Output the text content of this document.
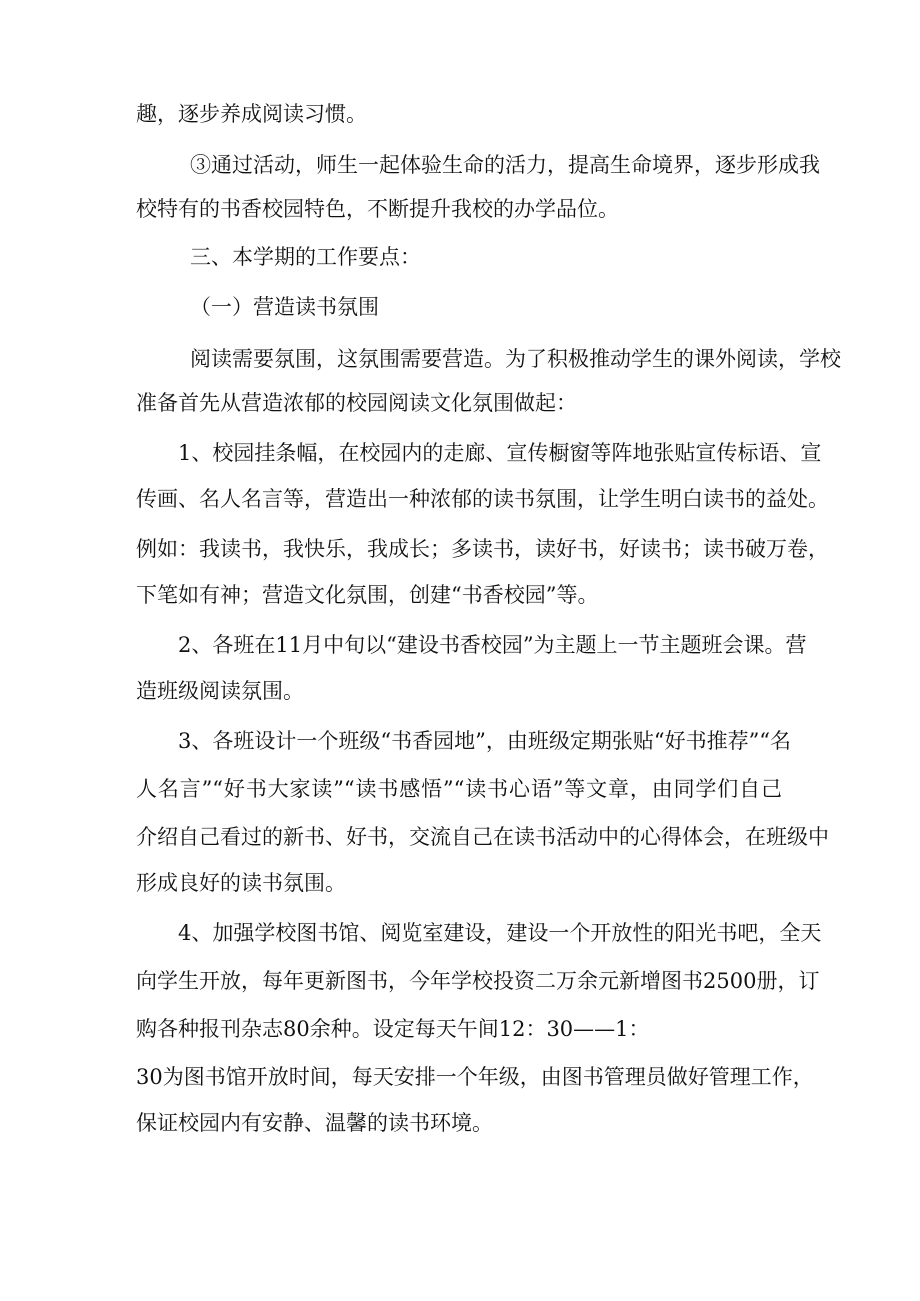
趣，逐步养成阅读习惯。
③通过活动，师生一起体验生命的活力，提高生命境界，逐步形成我
校特有的书香校园特色，不断提升我校的办学品位。
三、本学期的工作要点：
（一）营造读书氛围
阅读需要氛围，这氛围需要营造。为了积极推动学生的课外阅读，学校
准备首先从营造浓郁的校园阅读文化氛围做起：
1、校园挂条幅，在校园内的走廊、宣传橱窗等阵地张贴宣传标语、宣
传画、名人名言等，营造出一种浓郁的读书氛围，让学生明白读书的益处。
例如：我读书，我快乐，我成长；多读书，读好书，好读书；读书破万卷，
下笔如有神；营造文化氛围，创建“书香校园”等。
2、各班在11月中旬以“建设书香校园”为主题上一节主题班会课。营
造班级阅读氛围。
3、各班设计一个班级“书香园地”，由班级定期张贴“好书推荐”“名
人名言”“好书大家读”“读书感悟”“读书心语”等文章，由同学们自己
介绍自己看过的新书、好书，交流自己在读书活动中的心得体会，在班级中
形成良好的读书氛围。
4、加强学校图书馆、阅览室建设，建设一个开放性的阳光书吧，全天
向学生开放，每年更新图书，今年学校投资二万余元新增图书2500册，订
购各种报刊杂志80余种。设定每天午间12：30——1：
30为图书馆开放时间，每天安排一个年级，由图书管理员做好管理工作，
保证校园内有安静、温馨的读书环境。
